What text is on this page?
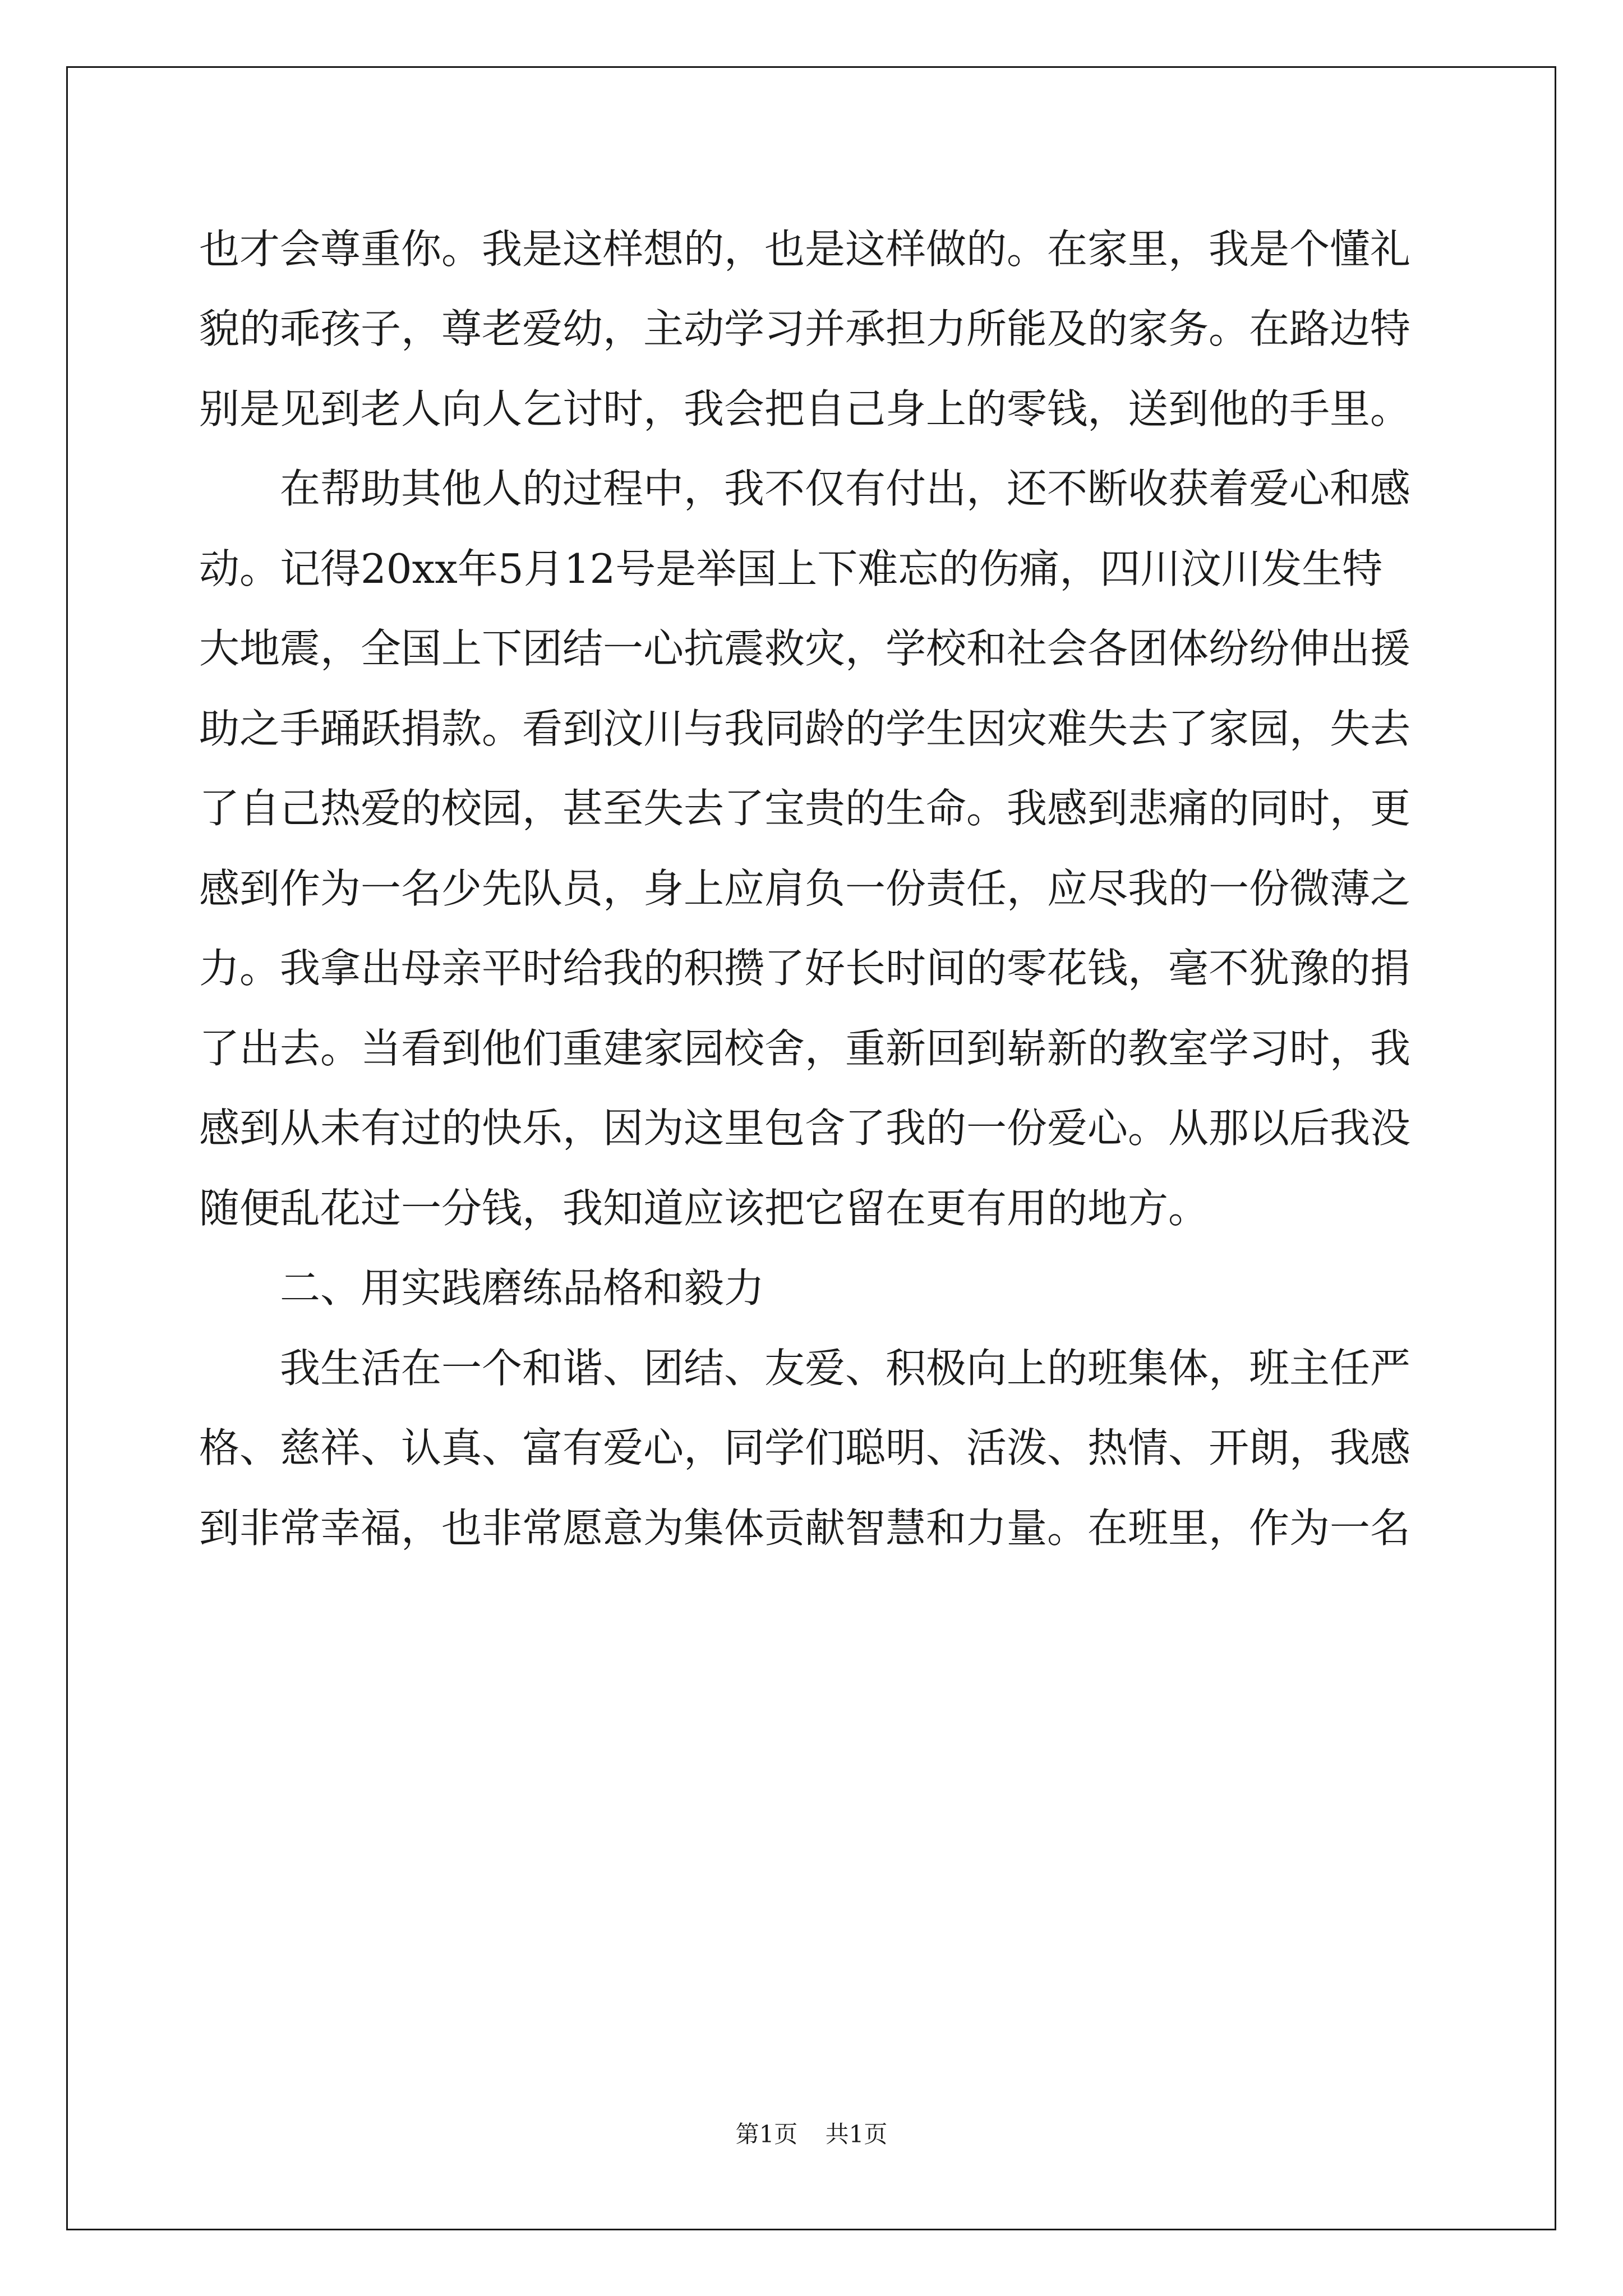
也才会尊重你。我是这样想的，也是这样做的。在家里，我是个懂礼
貌的乖孩子，尊老爱幼，主动学习并承担力所能及的家务。在路边特
别是见到老人向人乞讨时，我会把自己身上的零钱，送到他的手里。
在帮助其他人的过程中，我不仅有付出，还不断收获着爱心和感
动。记得20xx年5月12号是举国上下难忘的伤痛，四川汶川发生特
大地震，全国上下团结一心抗震救灾，学校和社会各团体纷纷伸出援
助之手踊跃捐款。看到汶川与我同龄的学生因灾难失去了家园，失去
了自己热爱的校园，甚至失去了宝贵的生命。我感到悲痛的同时，更
感到作为一名少先队员，身上应肩负一份责任，应尽我的一份微薄之
力。我拿出母亲平时给我的积攒了好长时间的零花钱，毫不犹豫的捐
了出去。当看到他们重建家园校舍，重新回到崭新的教室学习时，我
感到从未有过的快乐，因为这里包含了我的一份爱心。从那以后我没
随便乱花过一分钱，我知道应该把它留在更有用的地方。
二、用实践磨练品格和毅力
我生活在一个和谐、团结、友爱、积极向上的班集体，班主任严
格、慈祥、认真、富有爱心，同学们聪明、活泼、热情、开朗，我感
到非常幸福，也非常愿意为集体贡献智慧和力量。在班里，作为一名
第1页 共1页
